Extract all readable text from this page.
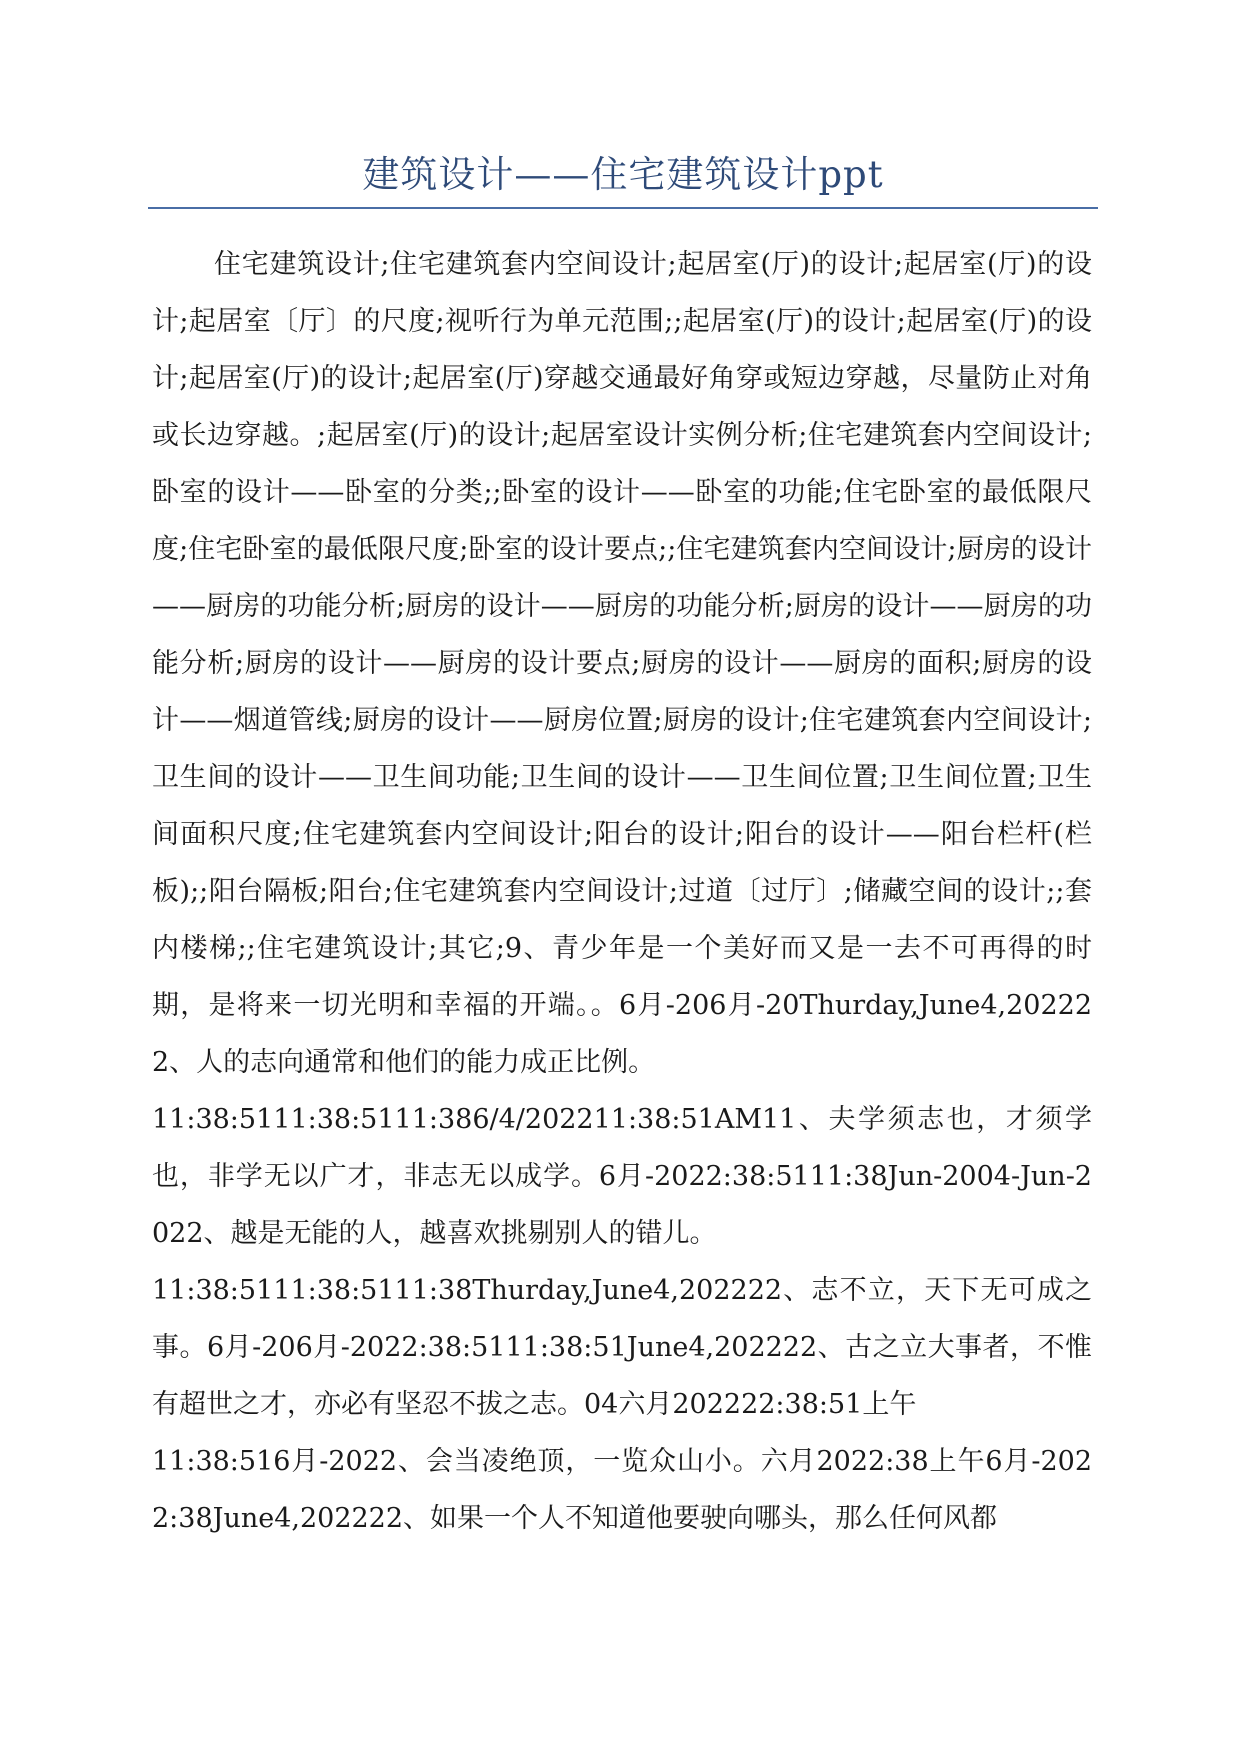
建筑设计——住宅建筑设计ppt

住宅建筑设计;住宅建筑套内空间设计;起居室(厅)的设计;起居室(厅)的设计;起居室〔厅〕的尺度;视听行为单元范围;;起居室(厅)的设计;起居室(厅)的设计;起居室(厅)的设计;起居室(厅)穿越交通最好角穿或短边穿越，尽量防止对角或长边穿越。;起居室(厅)的设计;起居室设计实例分析;住宅建筑套内空间设计;卧室的设计——卧室的分类;;卧室的设计——卧室的功能;住宅卧室的最低限尺度;住宅卧室的最低限尺度;卧室的设计要点;;住宅建筑套内空间设计;厨房的设计——厨房的功能分析;厨房的设计——厨房的功能分析;厨房的设计——厨房的功能分析;厨房的设计——厨房的设计要点;厨房的设计——厨房的面积;厨房的设计——烟道管线;厨房的设计——厨房位置;厨房的设计;住宅建筑套内空间设计;卫生间的设计——卫生间功能;卫生间的设计——卫生间位置;卫生间位置;卫生间面积尺度;住宅建筑套内空间设计;阳台的设计;阳台的设计——阳台栏杆(栏板);;阳台隔板;阳台;住宅建筑套内空间设计;过道〔过厅〕;储藏空间的设计;;套内楼梯;;住宅建筑设计;其它;9、青少年是一个美好而又是一去不可再得的时期，是将来一切光明和幸福的开端。。6月-206月-20Thurday,June4,202222、人的志向通常和他们的能力成正比例。

11:38:5111:38:5111:386/4/202211:38:51AM11、夫学须志也，才须学也，非学无以广才，非志无以成学。6月-2022:38:5111:38Jun-2004-Jun-2022、越是无能的人，越喜欢挑剔别人的错儿。

11:38:5111:38:5111:38Thurday,June4,202222、志不立，天下无可成之事。6月-206月-2022:38:5111:38:51June4,202222、古之立大事者，不惟有超世之才，亦必有坚忍不拔之志。04六月202222:38:51上午

11:38:516月-2022、会当凌绝顶，一览众山小。六月2022:38上午6月-2022:38June4,202222、如果一个人不知道他要驶向哪头，那么任何风都
